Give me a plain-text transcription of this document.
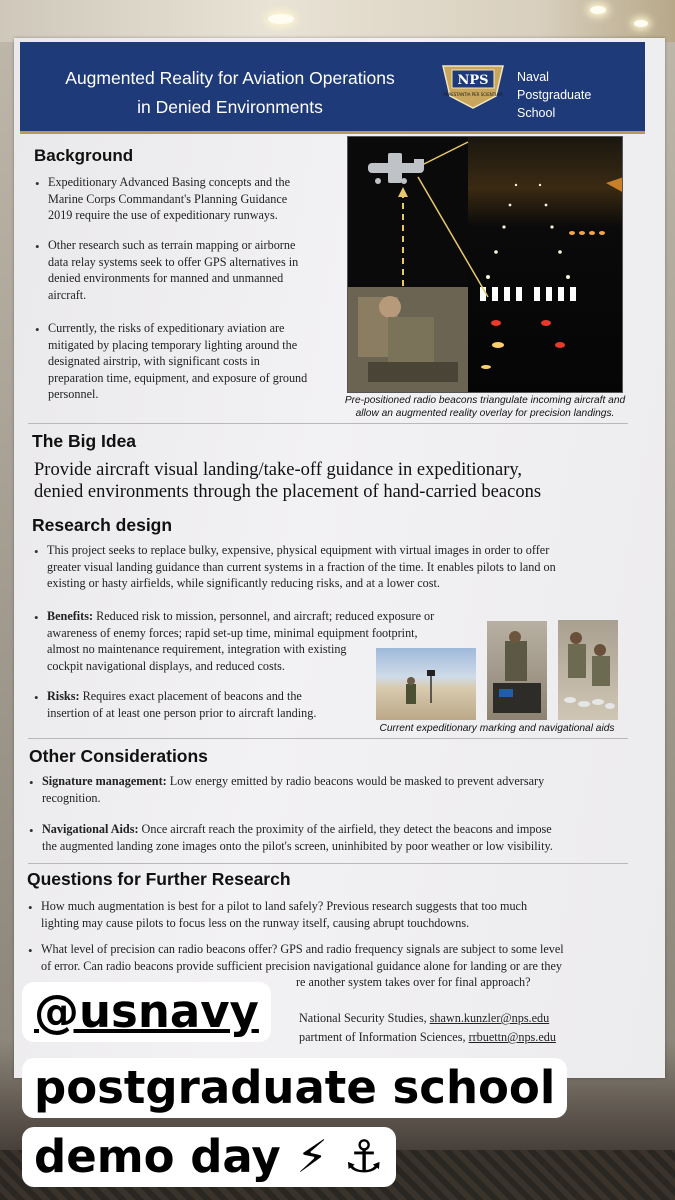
Augmented Reality for Aviation Operations
in Denied Environments
NPS
PRAESTANTIA PER SCIENTIAM
Naval
Postgraduate
School
Background
• Expeditionary Advanced Basing concepts and the
Marine Corps Commandant's Planning Guidance
2019 require the use of expeditionary runways.
• Other research such as terrain mapping or airborne
data relay systems seek to offer GPS alternatives in
denied environments for manned and unmanned
aircraft.
• Currently, the risks of expeditionary aviation are
mitigated by placing temporary lighting around the
designated airstrip, with significant costs in
preparation time, equipment, and exposure of ground
personnel.	Pre-positioned radio beacons triangulate incoming aircraft and
allow an augmented reality overlay for precision landings.
The Big Idea
Provide aircraft visual landing/take-off guidance in expeditionary,
denied environments through the placement of hand-carried beacons
Research design
• This project seeks to replace bulky, expensive, physical equipment with virtual images in order to offer
greater visual landing guidance than current systems in a fraction of the time. It enables pilots to land on
existing or hasty airfields, while significantly reducing risks, and at a lower cost.
• Benefits: Reduced risk to mission, personnel, and aircraft; reduced exposure or
awareness of enemy forces; rapid set-up time, minimal equipment footprint,
almost no maintenance requirement, integration with existing
cockpit navigational displays, and reduced costs.
• Risks: Requires exact placement of beacons and the
insertion of at least one person prior to aircraft landing.
Current expeditionary marking and navigational aids
Other Considerations
• Signature management: Low energy emitted by radio beacons would be masked to prevent adversary
recognition.
• Navigational Aids: Once aircraft reach the proximity of the airfield, they detect the beacons and impose
the augmented landing zone images onto the pilot's screen, uninhibited by poor weather or low visibility.
Questions for Further Research
• How much augmentation is best for a pilot to land safely? Previous research suggests that too much
lighting may cause pilots to focus less on the runway itself, causing abrupt touchdowns.
• What level of precision can radio beacons offer? GPS and radio frequency signals are subject to some level
of error. Can radio beacons provide sufficient precision navigational guidance alone for landing or are they
re another system takes over for final approach?
National Security Studies, shawn.kunzler@nps.edu
partment of Information Sciences, rrbuettn@nps.edu
@usnavy
postgraduate school
demo day ⚡ ⚓
